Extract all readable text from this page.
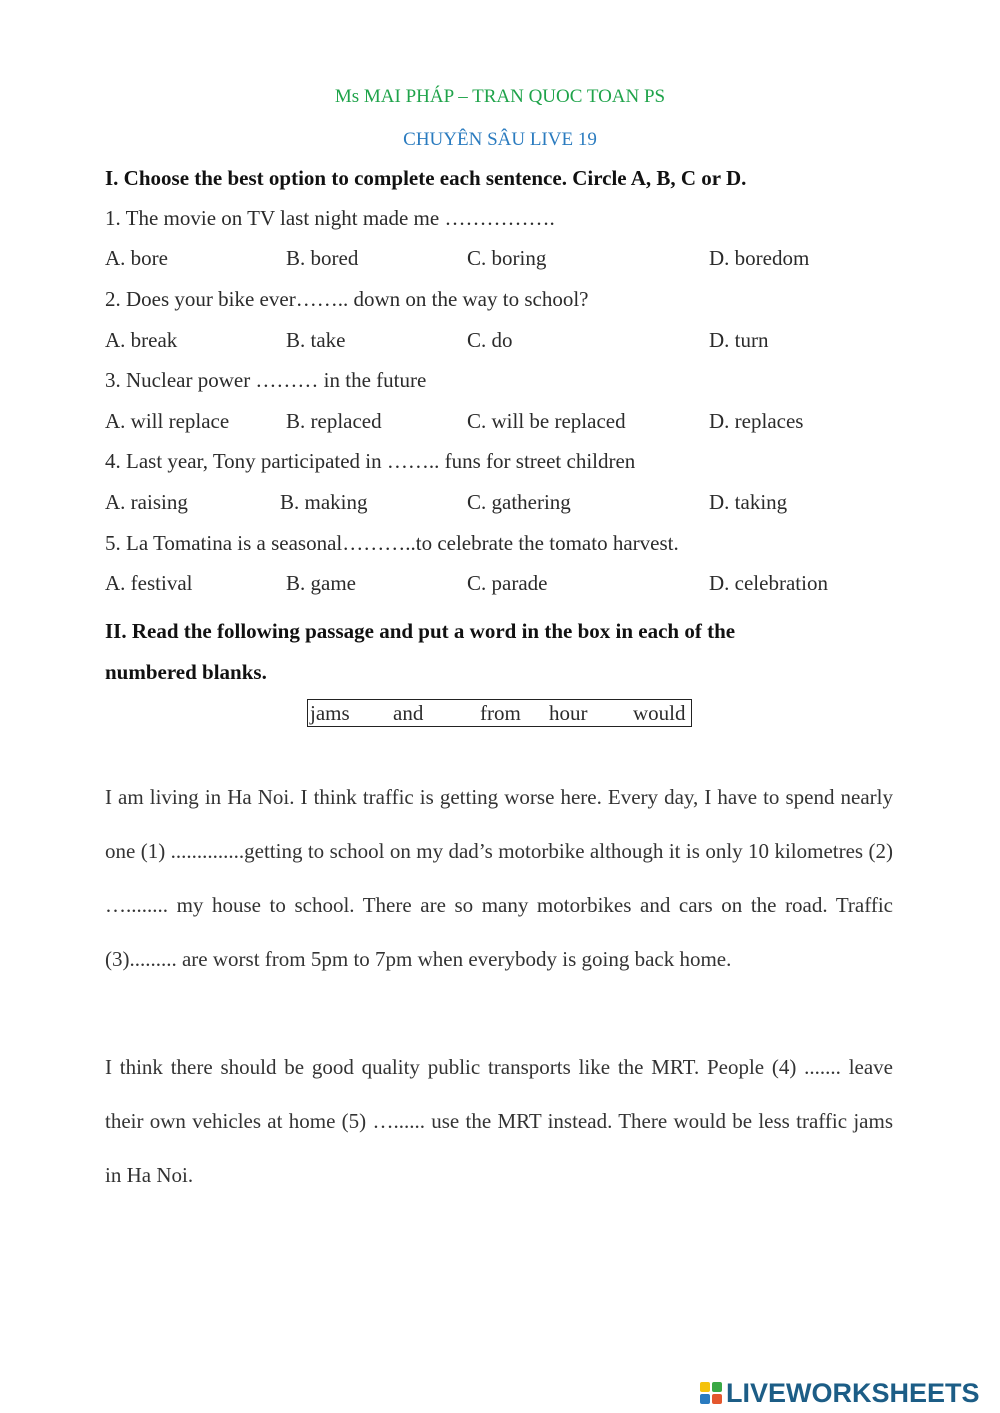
Ms MAI PHÁP – TRAN QUOC TOAN PS
CHUYÊN SÂU LIVE 19
I. Choose the best option to complete each sentence. Circle A, B, C or D.
1. The movie on TV last night made me …………….
A. bore	B. bored	C. boring	D. boredom
2. Does your bike ever…….. down on the way to school?
A. break	B. take	C. do	D. turn
3. Nuclear power ……… in the future
A. will replace	B. replaced	C. will be replaced	D. replaces
4. Last year, Tony participated in …….. funs for street children
A. raising	B. making	C. gathering	D. taking
5. La Tomatina is a seasonal………..to celebrate the tomato harvest.
A. festival	B. game	C. parade	D. celebration
II. Read the following passage and put a word in the box in each of the
numbered blanks.
jams and	from hour would
I am living in Ha Noi. I think traffic is getting worse here. Every day, I have to spend nearly one (1) ..............getting to school on my dad’s motorbike although it is only 10 kilometres (2) …........ my house to school. There are so many motorbikes and cars on the road. Traffic (3)......... are worst from 5pm to 7pm when everybody is going back home.
I think there should be good quality public transports like the MRT. People (4) ....... leave their own vehicles at home (5) …...... use the MRT instead. There would be less traffic jams in Ha Noi.
LIVEWORKSHEETS
